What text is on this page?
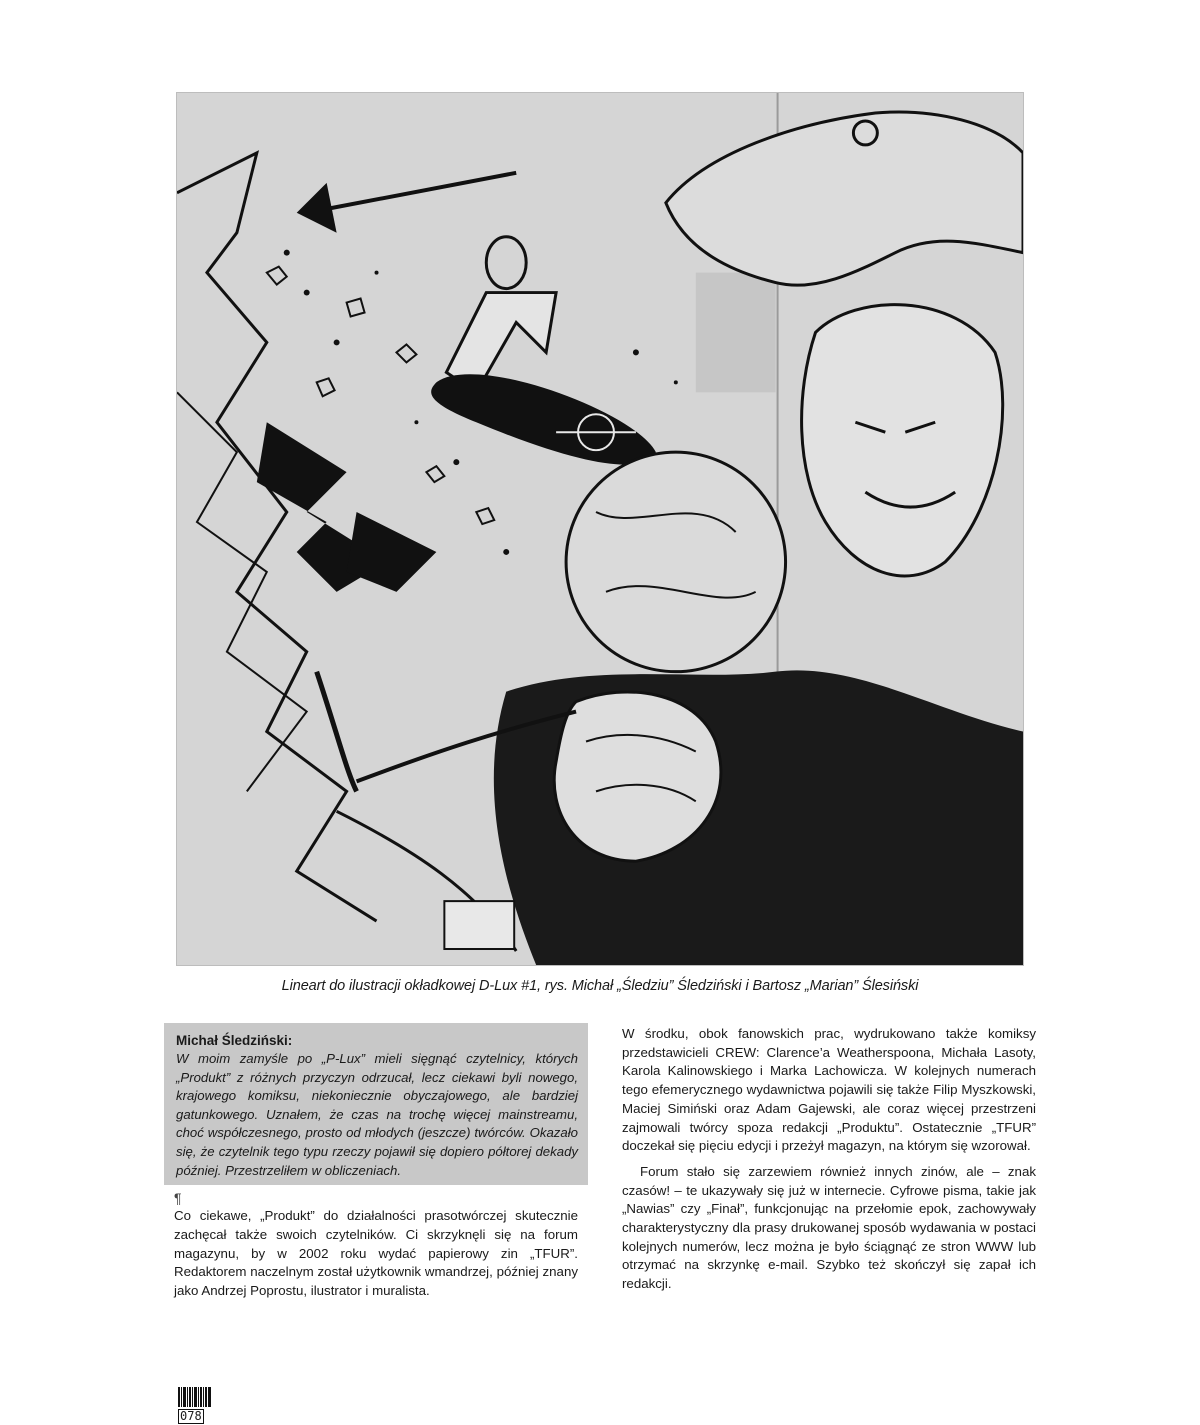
Lineart do ilustracji okładkowej D-Lux #1, rys. Michał „Śledziu” Śledziński i Bartosz „Marian” Ślesiński
Michał Śledziński:

W moim zamyśle po „P-Lux” mieli sięgnąć czytelnicy, których „Produkt” z różnych przyczyn odrzucał, lecz ciekawi byli nowego, krajowego komiksu, niekoniecznie obyczajowego, ale bardziej gatunkowego. Uznałem, że czas na trochę więcej mainstreamu, choć współczesnego, prosto od młodych (jeszcze) twórców. Okazało się, że czytelnik tego typu rzeczy pojawił się dopiero półtorej dekady później. Przestrzeliłem w obliczeniach.

¶

Co ciekawe, „Produkt” do działalności prasotwórczej skutecznie zachęcał także swoich czytelników. Ci skrzyknęli się na forum magazynu, by w 2002 roku wydać papierowy zin „TFUR”. Redaktorem naczelnym został użytkownik wmandrzej, później znany jako Andrzej Poprostu, ilustrator i muralista.

W środku, obok fanowskich prac, wydrukowano także komiksy przedstawicieli CREW: Clarence’a Weatherspoona, Michała Lasoty, Karola Kalinowskiego i Marka Lachowicza. W kolejnych numerach tego efemerycznego wydawnictwa pojawili się także Filip Myszkowski, Maciej Simiński oraz Adam Gajewski, ale coraz więcej przestrzeni zajmowali twórcy spoza redakcji „Produktu”. Ostatecznie „TFUR” doczekał się pięciu edycji i przeżył magazyn, na którym się wzorował.

Forum stało się zarzewiem również innych zinów, ale – znak czasów! – te ukazywały się już w internecie. Cyfrowe pisma, takie jak „Nawias” czy „Finał”, funkcjonując na przełomie epok, zachowywały charakterystyczny dla prasy drukowanej sposób wydawania w postaci kolejnych numerów, lecz można je było ściągnąć ze stron WWW lub otrzymać na skrzynkę e-mail. Szybko też skończył się zapał ich redakcji.

078
